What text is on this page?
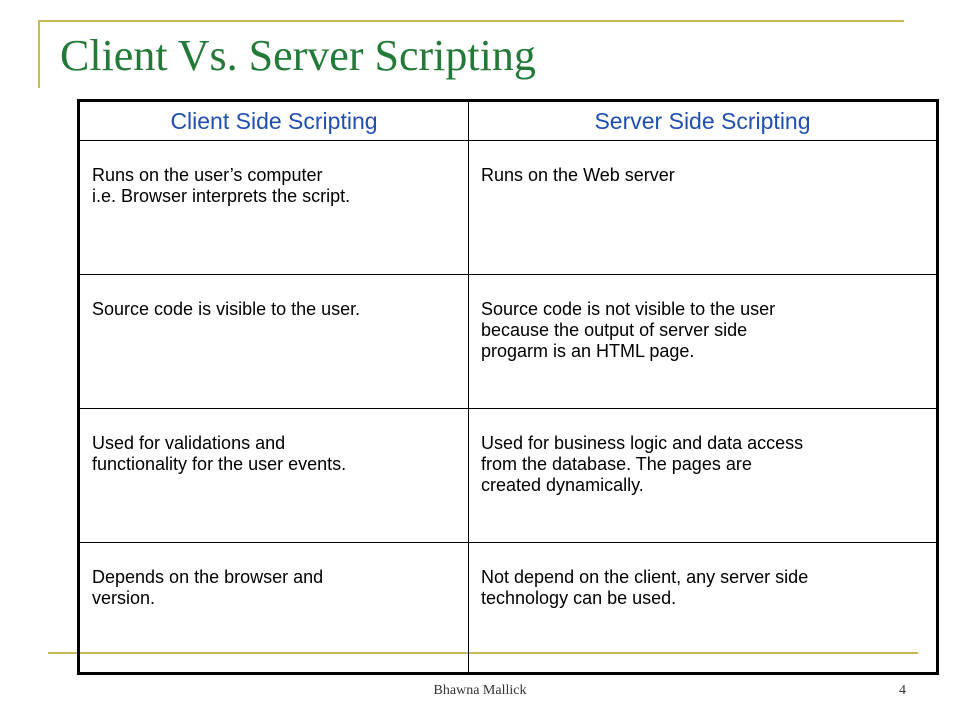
Client Vs. Server Scripting
Client Side Scripting	Server Side Scripting

Runs on the user’s computer
i.e. Browser interprets the script.	Runs on the Web server

Source code is visible to the user.	Source code is not visible to the user
because the output of server side
progarm is an HTML page.

Used for validations and
functionality for the user events.	Used for business logic and data access
from the database. The pages are
created dynamically.

Depends on the browser and
version.	Not depend on the client, any server side
technology can be used.
Bhawna Mallick	4
